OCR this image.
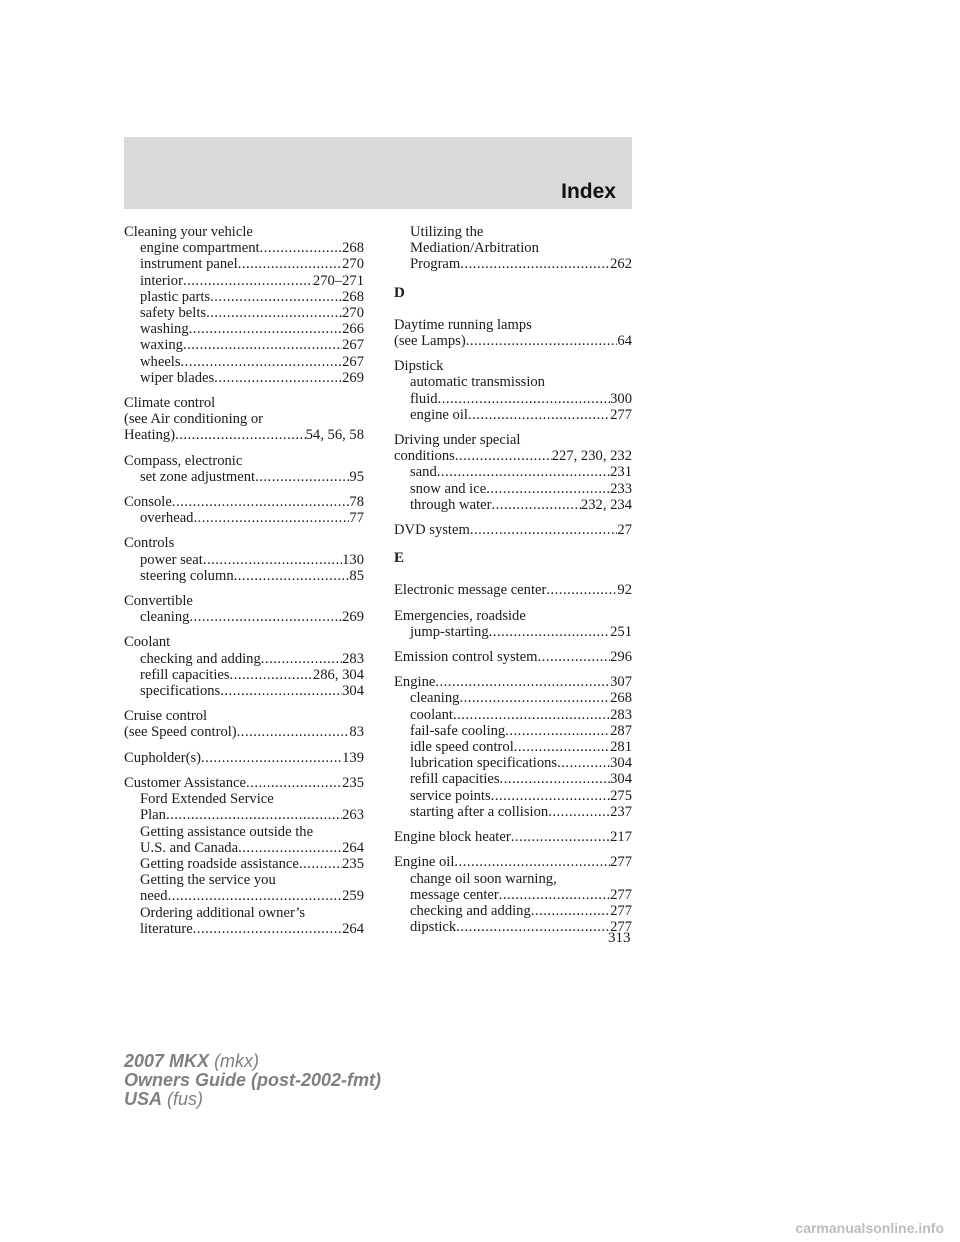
Index
Cleaning your vehicle
engine compartment .....	268
instrument panel .....	270
interior .....	270–271
plastic parts .....	268
safety belts .....	270
washing .....	266
waxing .....	267
wheels .....	267
wiper blades .....	269
Climate control
(see Air conditioning or
Heating) .....	54, 56, 58
Compass, electronic
set zone adjustment .....	95
Console .....	78
overhead .....	77
Controls
power seat .....	130
steering column .....	85
Convertible
cleaning .....	269
Coolant
checking and adding .....	283
refill capacities .....	286, 304
specifications .....	304
Cruise control
(see Speed control) .....	83
Cupholder(s) .....	139
Customer Assistance .....	235
Ford Extended Service
Plan .....	263
Getting assistance outside the
U.S. and Canada .....	264
Getting roadside assistance .....	235
Getting the service you
need .....	259
Ordering additional owner’s
literature .....	264
Utilizing the
Mediation/Arbitration
Program .....	262
D
Daytime running lamps
(see Lamps) .....	64
Dipstick
automatic transmission
fluid .....	300
engine oil .....	277
Driving under special
conditions .....	227, 230, 232
sand .....	231
snow and ice .....	233
through water .....	232, 234
DVD system .....	27
E
Electronic message center .....	92
Emergencies, roadside
jump-starting .....	251
Emission control system .....	296
Engine .....	307
cleaning .....	268
coolant .....	283
fail-safe cooling .....	287
idle speed control .....	281
lubrication specifications .....	304
refill capacities .....	304
service points .....	275
starting after a collision .....	237
Engine block heater .....	217
Engine oil .....	277
change oil soon warning,
message center .....	277
checking and adding .....	277
dipstick .....	277
313
2007 MKX (mkx)
Owners Guide (post-2002-fmt)
USA (fus)
carmanualsonline.info
